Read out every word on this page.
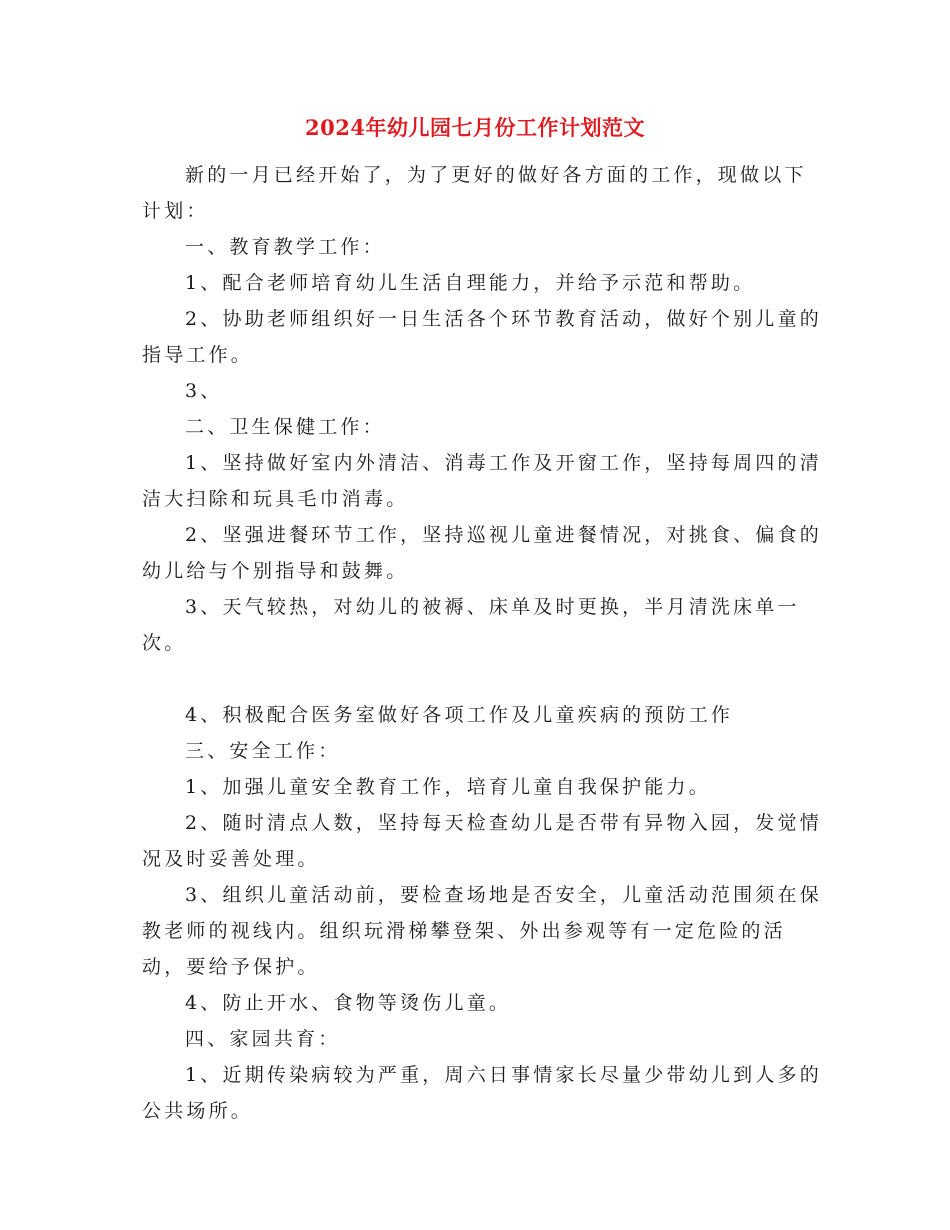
2024年幼儿园七月份工作计划范文

新的一月已经开始了，为了更好的做好各方面的工作，现做以下计划：

一、教育教学工作：

1、配合老师培育幼儿生活自理能力，并给予示范和帮助。

2、协助老师组织好一日生活各个环节教育活动，做好个别儿童的指导工作。

3、

二、卫生保健工作：

1、坚持做好室内外清洁、消毒工作及开窗工作，坚持每周四的清洁大扫除和玩具毛巾消毒。

2、坚强进餐环节工作，坚持巡视儿童进餐情况，对挑食、偏食的幼儿给与个别指导和鼓舞。

3、天气较热，对幼儿的被褥、床单及时更换，半月清洗床单一次。

4、积极配合医务室做好各项工作及儿童疾病的预防工作

三、安全工作：

1、加强儿童安全教育工作，培育儿童自我保护能力。

2、随时清点人数，坚持每天检查幼儿是否带有异物入园，发觉情况及时妥善处理。

3、组织儿童活动前，要检查场地是否安全，儿童活动范围须在保教老师的视线内。组织玩滑梯攀登架、外出参观等有一定危险的活动，要给予保护。

4、防止开水、食物等烫伤儿童。

四、家园共育：

1、近期传染病较为严重，周六日事情家长尽量少带幼儿到人多的公共场所。
